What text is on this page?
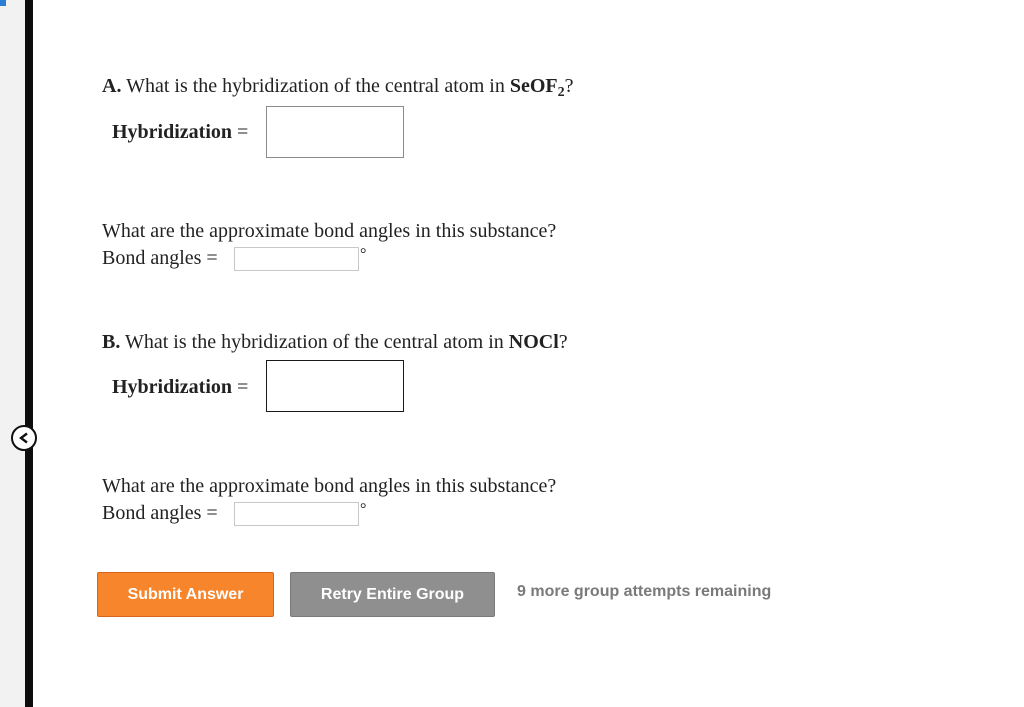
A. What is the hybridization of the central atom in SeOF$_2$?
Hybridization =
What are the approximate bond angles in this substance?
Bond angles =	°
B. What is the hybridization of the central atom in NOCl?
Hybridization =
What are the approximate bond angles in this substance?
Bond angles =	°
Submit Answer	Retry Entire Group	9 more group attempts remaining
